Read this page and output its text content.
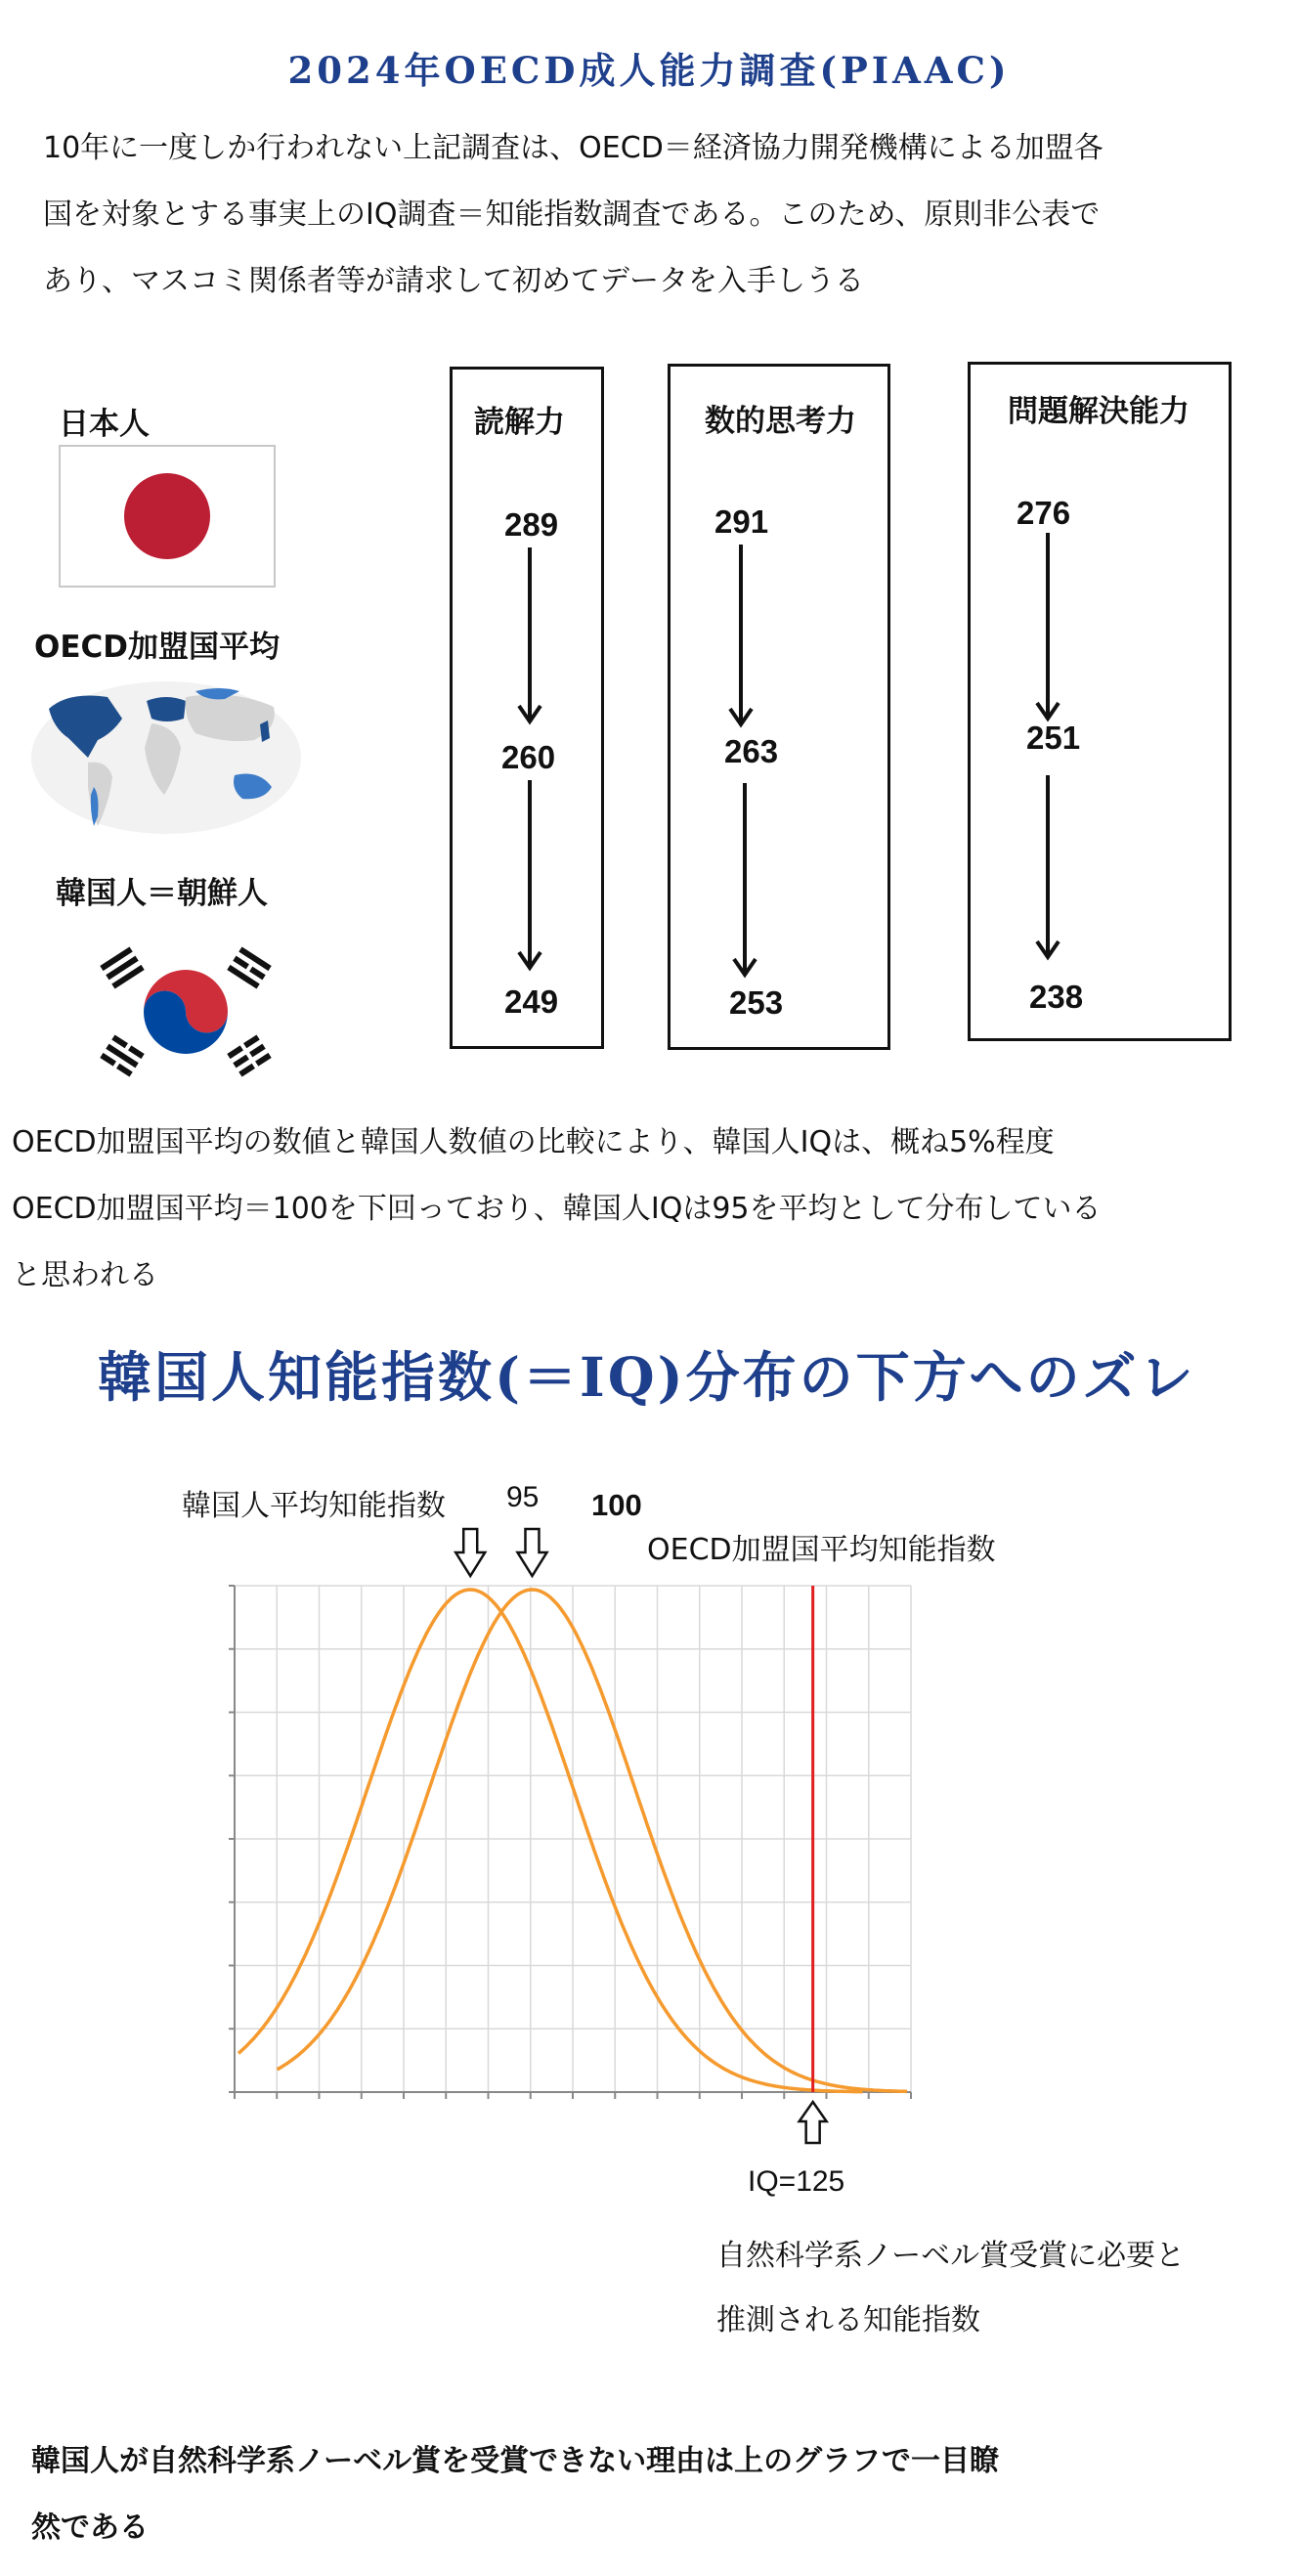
2024年OECD成人能力調査(PIAAC)
10年に一度しか行われない上記調査は、OECD＝経済協力開発機構による加盟各
国を対象とする事実上のIQ調査＝知能指数調査である。このため、原則非公表で
あり、マスコミ関係者等が請求して初めてデータを入手しうる
日本人
OECD加盟国平均
韓国人＝朝鮮人
読解力
289
260
249
数的思考力
291
263
253
問題解決能力
276
251
238
OECD加盟国平均の数値と韓国人数値の比較により、韓国人IQは、概ね5%程度
OECD加盟国平均＝100を下回っており、韓国人IQは95を平均として分布している
と思われる
韓国人知能指数(＝IQ)分布の下方へのズレ
韓国人平均知能指数 95 100
OECD加盟国平均知能指数
IQ=125
自然科学系ノーベル賞受賞に必要と
推測される知能指数
韓国人が自然科学系ノーベル賞を受賞できない理由は上のグラフで一目瞭
然である
